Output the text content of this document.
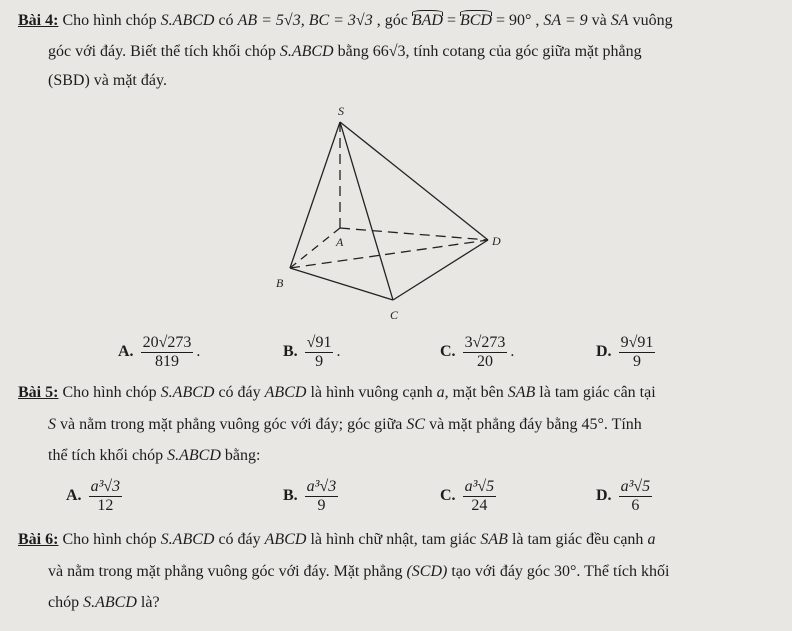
Bài 4: Cho hình chóp S.ABCD có AB = 5√3, BC = 3√3 , góc BAD = BCD = 90° , SA = 9 và SA vuông
góc với đáy. Biết thể tích khối chóp S.ABCD bằng 66√3, tính cotang của góc giữa mặt phẳng
(SBD) và mặt đáy.
S
A
B
C
D
A. $\frac{20√273}{819}$ .	B. $\frac{√91}{9}$ .	C. $\frac{3√273}{20}$ .	D. $\frac{9√91}{9}$
Bài 5: Cho hình chóp S.ABCD có đáy ABCD là hình vuông cạnh a, mặt bên SAB là tam giác cân tại
S và nằm trong mặt phẳng vuông góc với đáy; góc giữa SC và mặt phẳng đáy bằng 45°. Tính
thể tích khối chóp S.ABCD bằng:
A. $\frac{\text{a³√3}}{12}$	B. $\frac{\text{a³√3}}{9}$	C. $\frac{\text{a³√5}}{24}$	D. $\frac{\text{a³√5}}{6}$
Bài 6: Cho hình chóp S.ABCD có đáy ABCD là hình chữ nhật, tam giác SAB là tam giác đều cạnh a
và nằm trong mặt phẳng vuông góc với đáy. Mặt phẳng (SCD) tạo với đáy góc 30°. Thể tích khối
chóp S.ABCD là?
